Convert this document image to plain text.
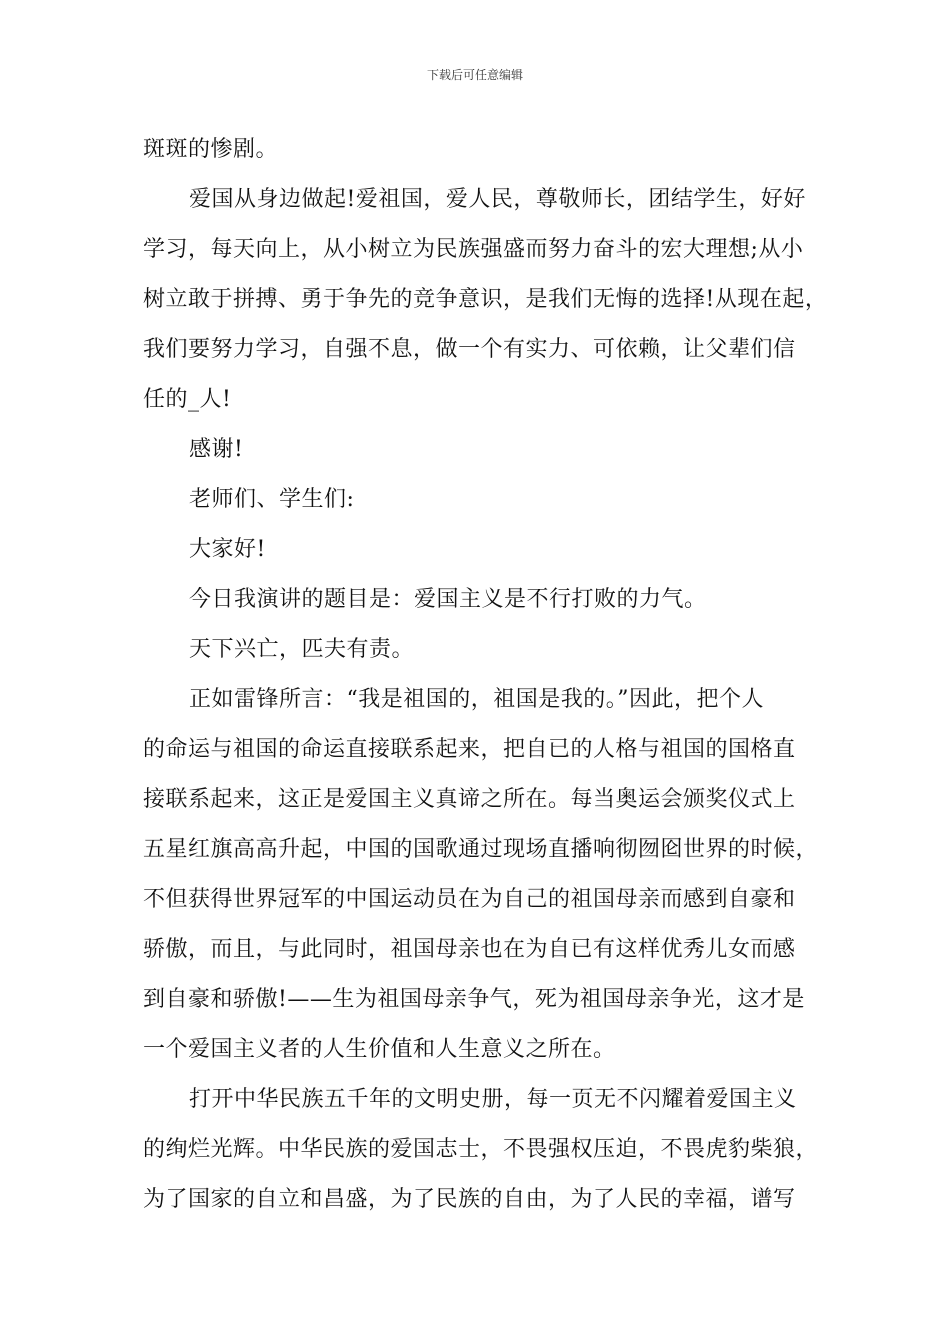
下载后可任意编辑
斑斑的惨剧。
爱国从身边做起!爱祖国，爱人民，尊敬师长，团结学生，好好
学习，每天向上，从小树立为民族强盛而努力奋斗的宏大理想;从小
树立敢于拼搏、勇于争先的竞争意识，是我们无悔的选择!从现在起，
我们要努力学习，自强不息，做一个有实力、可依赖，让父辈们信
任的_人!
感谢!
老师们、学生们:
大家好!
今日我演讲的题目是：爱国主义是不行打败的力气。
天下兴亡，匹夫有责。
正如雷锋所言：“我是祖国的，祖国是我的。”因此，把个人
的命运与祖国的命运直接联系起来，把自已的人格与祖国的国格直
接联系起来，这正是爱国主义真谛之所在。每当奥运会颁奖仪式上
五星红旗高高升起，中国的国歌通过现场直播响彻囫囵世界的时候，
不但获得世界冠军的中国运动员在为自己的祖国母亲而感到自豪和
骄傲，而且，与此同时，祖国母亲也在为自已有这样优秀儿女而感
到自豪和骄傲!——生为祖国母亲争气，死为祖国母亲争光，这才是
一个爱国主义者的人生价值和人生意义之所在。
打开中华民族五千年的文明史册，每一页无不闪耀着爱国主义
的绚烂光辉。中华民族的爱国志士，不畏强权压迫，不畏虎豹柴狼，
为了国家的自立和昌盛，为了民族的自由，为了人民的幸福，谱写
